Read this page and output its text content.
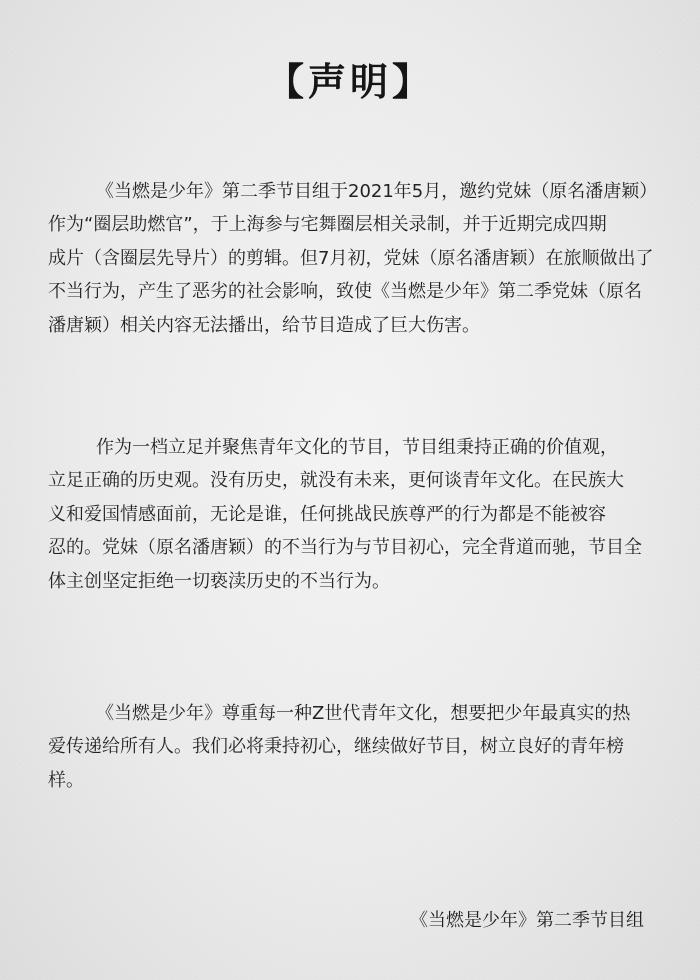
【声明】
《当燃是少年》第二季节目组于2021年5月，邀约党妹（原名潘唐颖）
作为“圈层助燃官”，于上海参与宅舞圈层相关录制，并于近期完成四期
成片（含圈层先导片）的剪辑。但7月初，党妹（原名潘唐颖）在旅顺做出了
不当行为，产生了恶劣的社会影响，致使《当燃是少年》第二季党妹（原名
潘唐颖）相关内容无法播出，给节目造成了巨大伤害。
作为一档立足并聚焦青年文化的节目，节目组秉持正确的价值观，
立足正确的历史观。没有历史，就没有未来，更何谈青年文化。在民族大
义和爱国情感面前，无论是谁，任何挑战民族尊严的行为都是不能被容
忍的。党妹（原名潘唐颖）的不当行为与节目初心，完全背道而驰，节目全
体主创坚定拒绝一切亵渎历史的不当行为。
《当燃是少年》尊重每一种Z世代青年文化，想要把少年最真实的热
爱传递给所有人。我们必将秉持初心，继续做好节目，树立良好的青年榜
样。
《当燃是少年》第二季节目组
